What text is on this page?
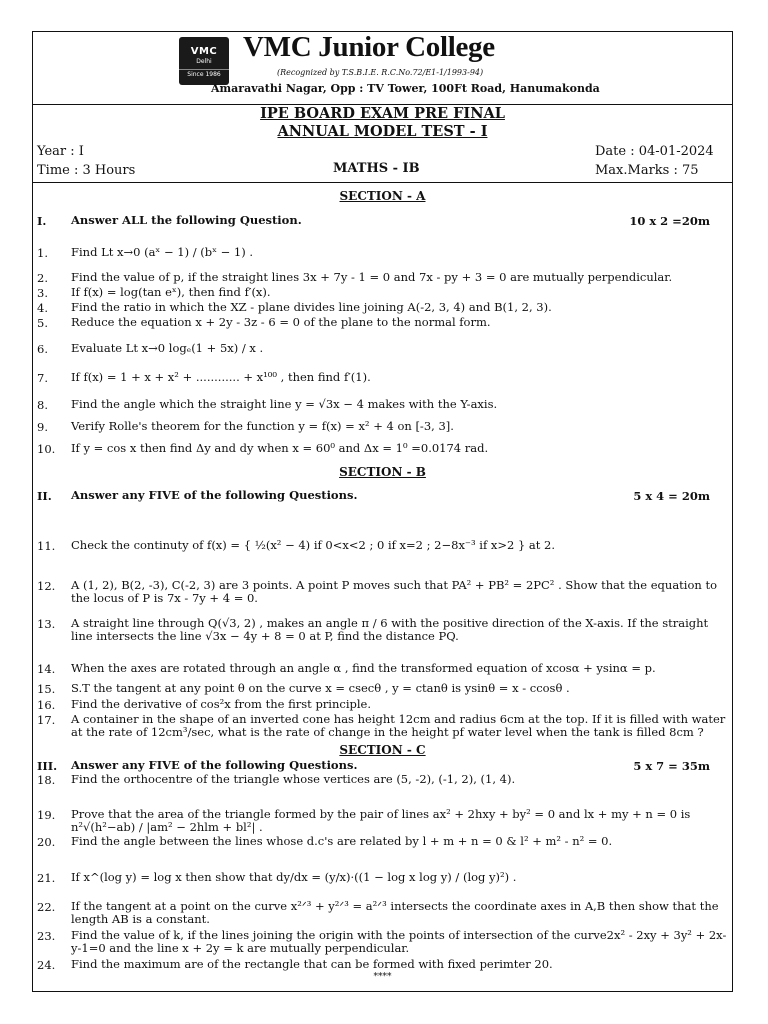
VMC
Delhi
Since 1986
VMC Junior College
(Recognized by T.S.B.I.E. R.C.No.72/E1-1/1993-94)
Amaravathi Nagar, Opp : TV Tower, 100Ft Road, Hanumakonda
IPE BOARD EXAM PRE FINAL
ANNUAL MODEL TEST - I
Year : I	Date : 04-01-2024
Time : 3 Hours	MATHS - IB	Max.Marks : 75
SECTION - A
I. Answer ALL the following Question.	10 x 2 =20m
1. Find Lt x→0 (aˣ − 1) / (bˣ − 1) .
2. Find the value of p, if the straight lines 3x + 7y - 1 = 0 and 7x - py + 3 = 0 are mutually perpendicular.
3. If f(x) = log(tan eˣ), then find f′(x).
4. Find the ratio in which the XZ - plane divides line joining A(-2, 3, 4) and B(1, 2, 3).
5. Reduce the equation x + 2y - 3z - 6 = 0 of the plane to the normal form.
6. Evaluate Lt x→0 logₑ(1 + 5x) / x .
7. If f(x) = 1 + x + x² + ............ + x¹⁰⁰ , then find f′(1).
8. Find the angle which the straight line y = √3x − 4 makes with the Y-axis.
9. Verify Rolle's theorem for the function y = f(x) = x² + 4 on [-3, 3].
10. If y = cos x then find Δy and dy when x = 60⁰ and Δx = 1⁰ =0.0174 rad.
SECTION - B
II. Answer any FIVE of the following Questions.	5 x 4 = 20m
11. Check the continuty of f(x) = { ½(x² − 4) if 0<x<2 ; 0 if x=2 ; 2−8x⁻³ if x>2 } at 2.
12. A (1, 2), B(2, -3), C(-2, 3) are 3 points. A point P moves such that PA² + PB² = 2PC² . Show that the equation to the locus of P is 7x - 7y + 4 = 0.
13. A straight line through Q(√3, 2) , makes an angle π / 6 with the positive direction of the X-axis. If the straight line intersects the line √3x − 4y + 8 = 0 at P, find the distance PQ.
14. When the axes are rotated through an angle α , find the transformed equation of xcosα + ysinα = p.
15. S.T the tangent at any point θ on the curve x = csecθ , y = ctanθ is ysinθ = x - ccosθ .
16. Find the derivative of cos²x from the first principle.
17. A container in the shape of an inverted cone has height 12cm and radius 6cm at the top. If it is filled with water at the rate of 12cm³/sec, what is the rate of change in the height pf water level when the tank is filled 8cm ?
SECTION - C
III. Answer any FIVE of the following Questions.	5 x 7 = 35m
18. Find the orthocentre of the triangle whose vertices are (5, -2), (-1, 2), (1, 4).
19. Prove that the area of the triangle formed by the pair of lines ax² + 2hxy + by² = 0 and lx + my + n = 0 is n²√(h²−ab) / |am² − 2hlm + bl²| .
20. Find the angle between the lines whose d.c's are related by l + m + n = 0 & l² + m² - n² = 0.
21. If x^(log y) = log x then show that dy/dx = (y/x)·((1 − log x log y) / (log y)²) .
22. If the tangent at a point on the curve x²ᐟ³ + y²ᐟ³ = a²ᐟ³ intersects the coordinate axes in A,B then show that the length AB is a constant.
23. Find the value of k, if the lines joining the origin with the points of intersection of the curve2x² - 2xy + 3y² + 2x-y-1=0 and the line x + 2y = k are mutually perpendicular.
24. Find the maximum are of the rectangle that can be formed with fixed perimter 20.
****
